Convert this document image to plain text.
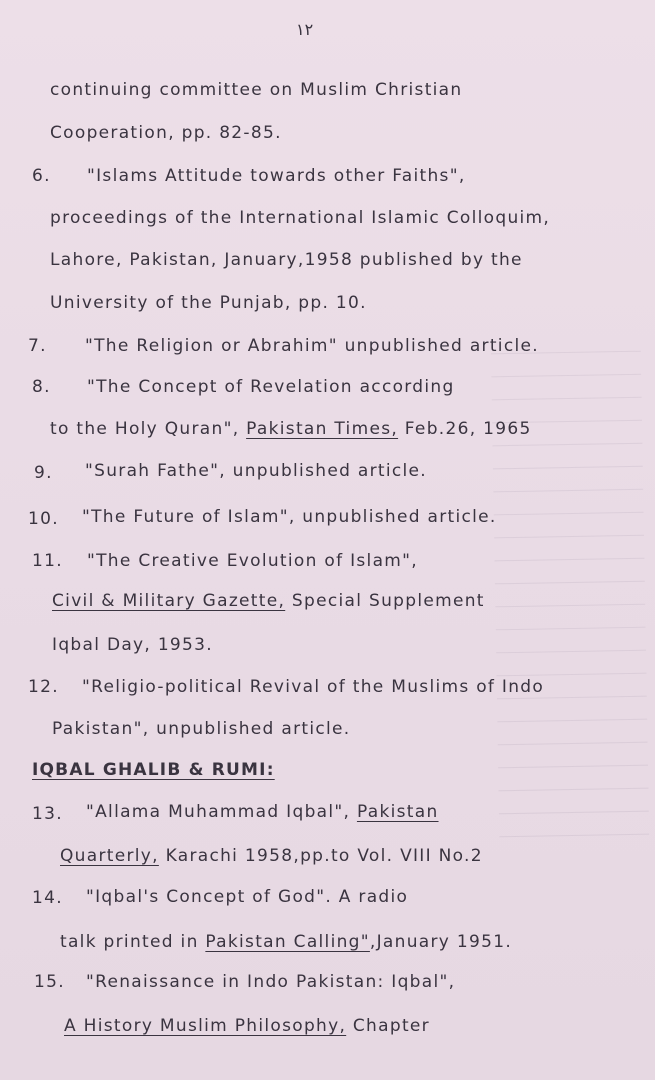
۱۲
continuing committee on Muslim Christian
Cooperation, pp. 82-85.
6. "Islams Attitude towards other Faiths",
proceedings of the International Islamic Colloquim,
Lahore, Pakistan, January,1958 published by the
University of the Punjab, pp. 10.
7. "The Religion or Abrahim" unpublished article.
8. "The Concept of Revelation according
to the Holy Quran", Pakistan Times, Feb.26, 1965
9. "Surah Fathe", unpublished article.
10. "The Future of Islam", unpublished article.
11. "The Creative Evolution of Islam",
Civil & Military Gazette, Special Supplement
Iqbal Day, 1953.
12. "Religio-political Revival of the Muslims of Indo
Pakistan", unpublished article.
IQBAL GHALIB & RUMI:
13. "Allama Muhammad Iqbal", Pakistan
Quarterly, Karachi 1958,pp.to Vol. VIII No.2
14. "Iqbal's Concept of God". A radio
talk printed in Pakistan Calling",January 1951.
15. "Renaissance in Indo Pakistan: Iqbal",
A History Muslim Philosophy, Chapter
